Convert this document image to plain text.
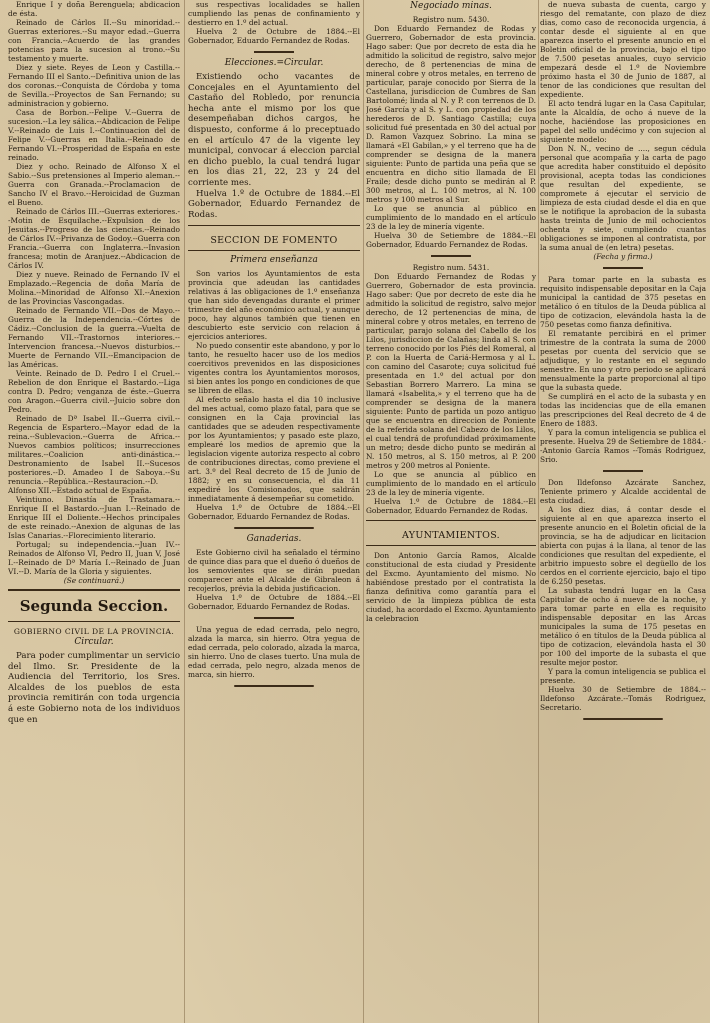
Enrique I y doña Berenguela; abdicacion de ésta.

Reinado de Cárlos II.--Su minoridad.--Guerras exteriores.--Su mayor edad.--Guerra con Francia.--Acuerdo de las grandes potencias para la sucesion al trono.--Su testamento y muerte.

Diez y siete. Reyes de Leon y Castilla.--Fernando III el Santo.--Definitiva union de las dos coronas.--Conquista de Córdoba y toma de Sevilla.--Proyectos de San Fernando; su administracion y gobierno.

Casa de Borbon.--Felipe V.--Guerra de sucesion.--La ley sálica.--Abdicacion de Felipe V.--Reinado de Luis I.--Continuacion del de Felipe V.--Guerras en Italia.--Reinado de Fernando VI.--Prosperidad de España en este reinado.

Diez y ocho. Reinado de Alfonso X el Sabio.--Sus pretensiones al Imperio aleman.--Guerra con Granada.--Proclamacion de Sancho IV el Bravo.--Heroicidad de Guzman el Bueno.

Reinado de Cárlos III.--Guerras exteriores.--Motin de Esquilache.--Expulsion de los Jesuitas.--Progreso de las ciencias.--Reinado de Cárlos IV.--Privanza de Godoy.--Guerra con Francia.--Guerra con Inglaterra.--Invasion francesa; motin de Aranjuez.--Abdicacion de Cárlos IV.

Diez y nueve. Reinado de Fernando IV el Emplazado.--Regencia de doña María de Molina.--Minoridad de Alfonso XI.--Anexion de las Provincias Vascongadas.

Reinado de Fernando VII.--Dos de Mayo.--Guerra de la Independencia.--Córtes de Cádiz.--Conclusion de la guerra.--Vuelta de Fernando VII.--Trastornos interiores.--Intervencion francesa.--Nuevos disturbios.--Muerte de Fernando VII.--Emancipacion de las Américas.

Veinte. Reinado de D. Pedro I el Cruel.--Rebelion de don Enrique el Bastardo.--Liga contra D. Pedro; venganza de éste.--Guerra con Aragon.--Guerra civil.--Juicio sobre don Pedro.

Reinado de Dª Isabel II.--Guerra civil.--Regencia de Espartero.--Mayor edad de la reina.--Sublevacion.--Guerra de Africa.--Nuevos cambios políticos; insurrecciones militares.--Coalicion anti-dinástica.--Destronamiento de Isabel II.--Sucesos posteriores.--D. Amadeo I de Saboya.--Su renuncia.--República.--Restauracion.--D. Alfonso XII.--Estado actual de España.

Veintiuno. Dinastía de Trastamara.--Enrique II el Bastardo.--Juan I.--Reinado de Enrique III el Doliente.--Hechos principales de este reinado.--Anexion de algunas de las Islas Canarias.--Florecimiento literario.

Portugal; su independencia.--Juan IV.--Reinados de Alfonso VI, Pedro II, Juan V, José I.--Reinado de Dª María I.--Reinado de Juan VI.--D. María de la Gloria y siguientes.

(Se continuará.)

Segunda Seccion.
GOBIERNO CIVIL DE LA PROVINCIA.
Circular.

Para poder cumplimentar un servicio del Ilmo. Sr. Presidente de la Audiencia del Territorio, los Sres. Alcaldes de los pueblos de esta provincia remitirán con toda urgencia á este Gobierno nota de los individuos que en

sus respectivas localidades se hallen cumpliendo las penas de confinamiento y destierro en 1.º del actual.

Huelva 2 de Octubre de 1884.--El Gobernador, Eduardo Fernandez de Rodas.

Elecciones.=Circular.

Existiendo ocho vacantes de Concejales en el Ayuntamiento del Castaño del Robledo, por renuncia hecha ante el mismo por los que desempeñaban dichos cargos, he dispuesto, conforme á lo preceptuado en el artículo 47 de la vigente ley municipal, convocar á eleccion parcial en dicho pueblo, la cual tendrá lugar en los dias 21, 22, 23 y 24 del corriente mes.

Huelva 1.º de Octubre de 1884.--El Gobernador, Eduardo Fernandez de Rodas.

SECCION DE FOMENTO
Primera enseñanza

Son varios los Ayuntamientos de esta provincia que adeudan las cantidades relativas á las obligaciones de 1.º enseñanza que han sido devengadas durante el primer trimestre del año económico actual, y aunque poco, hay algunos también que tienen en descubierto este servicio con relacion á ejercicios anteriores.

No puedo consentir este abandono, y por lo tanto, he resuelto hacer uso de los medios coercitivos prevenidos en las disposiciones vigentes contra los Ayuntamientos morosos, si bien antes los pongo en condiciones de que se libren de ellas.

Al efecto señalo hasta el dia 10 inclusive del mes actual, como plazo fatal, para que se consignen en la Caja provincial las cantidades que se adeuden respectivamente por los Ayuntamientos; y pasado este plazo, emplearé los medios de apremio que la legislacion vigente autoriza respecto al cobro de contribuciones directas, como previene el art. 3.º del Real decreto de 15 de Junio de 1882; y en su consecuencia, el dia 11 expediré los Comisionados, que saldrán inmediatamente á desempeñar su cometido.

Huelva 1.º de Octubre de 1884.--El Gobernador, Eduardo Fernandez de Rodas.

Ganaderias.

Este Gobierno civil ha señalado el término de quince dias para que el dueño ó dueños de los semovientes que se dirán puedan comparecer ante el Alcalde de Gibraleon á recojerlos, prévia la debida justificacion.

Huelva 1.º de Octubre de 1884.--El Gobernador, Eduardo Fernandez de Rodas.

Una yegua de edad cerrada, pelo negro, alzada la marca, sin hierro. Otra yegua de edad cerrada, pelo colorado, alzada la marca, sin hierro. Uno de clases tuerto. Una mula de edad cerrada, pelo negro, alzada menos de marca, sin hierro.

Negociado minas.

Registro num. 5430.

Don Eduardo Fernandez de Rodas y Guerrero, Gobernador de esta provincia. Hago saber: Que por decreto de esta dia he admitido la solicitud de registro, salvo mejor derecho, de 8 pertenencias de mina de mineral cobre y otros metales, en terreno de particular, paraje conocido por Sierra de la Castellana, jurisdiccion de Cumbres de San Bartolomé; linda al N. y P. con terrenos de D. José García y al S. y L. con propiedad de los herederos de D. Santiago Castilla; cuya solicitud fué presentada en 30 del actual por D. Ramon Vazquez Sobrino. La mina se llamará «El Gabilan,» y el terreno que ha de comprender se designa de la manera siguiente: Punto de partida una peña que se encuentra en dicho sitio llamada de El Fraile; desde dicho punto se medirán al P. 300 metros, al L. 100 metros, al N. 100 metros y 100 metros al Sur.

Lo que se anuncia al público en cumplimiento de lo mandado en el artículo 23 de la ley de minería vigente.

Huelva 30 de Setiembre de 1884.--El Gobernador, Eduardo Fernandez de Rodas.

Registro num. 5431.

Don Eduardo Fernandez de Rodas y Guerrero, Gobernador de esta provincia. Hago saber: Que por decreto de este dia he admitido la solicitud de registro, salvo mejor derecho, de 12 pertenencias de mina, de mineral cobre y otros metales, en terreno de particular, parajo solana del Cabello de los Lilos, jurisdiccion de Calañas; linda al S. con terreno conocido por los Piés del Romeral, al P. con la Huerta de Cariá-Hermosa y al L. con camino del Casarote; cuya solicitud fué presentada en 1.º del actual por don Sebastian Borrero Marrero. La mina se llamará «Isabelita,» y el terreno que ha de comprender se designa de la manera siguiente: Punto de partida un pozo antiguo que se encuentra en direccion de Poniente de la referida solana del Cabezo de los Lilos, el cual tendrá de profundidad próximamente un metro; desde dicho punto se medirán al N. 150 metros, al S. 150 metros, al P. 200 metros y 200 metros al Poniente.

Lo que se anuncia al público en cumplimiento de lo mandado en el artículo 23 de la ley de minería vigente.

Huelva 1.º de Octubre de 1884.--El Gobernador, Eduardo Fernandez de Rodas.

AYUNTAMIENTOS.

Don Antonio García Ramos, Alcalde constitucional de esta ciudad y Presidente del Excmo. Ayuntamiento del mismo. No habiéndose prestado por el contratista la fianza definitiva como garantía para el servicio de la limpieza pública de esta ciudad, ha acordado el Excmo. Ayuntamiento la celebracion

de nueva subasta de cuenta, cargo y riesgo del rematante, con plazo de diez dias, como caso de reconocida urgencia, á contar desde el siguiente al en que aparezca inserto el presente anuncio en el Boletin oficial de la provincia, bajo el tipo de 7.500 pesetas anuales, cuyo servicio empezará desde el 1.º de Noviembre próximo hasta el 30 de Junio de 1887, al tenor de las condiciones que resultan del expediente.

El acto tendrá lugar en la Casa Capitular, ante la Alcaldía, de ocho á nueve de la noche, haciéndose las proposiciones en papel del sello undécimo y con sujecion al siguiente modelo:

Don N. N., vecino de ...., segun cédula personal que acompaña y la carta de pago que acredita haber constituido el depósito provisional, acepta todas las condiciones que resultan del expediente, se compromete á ejecutar el servicio de limpieza de esta ciudad desde el dia en que se le notifique la aprobacion de la subasta hasta treinta de Junio de mil ochocientos ochenta y siete, cumpliendo cuantas obligaciones se imponen al contratista, por la suma anual de (en letra) pesetas.

(Fecha y firma.)

Para tomar parte en la subasta es requisito indispensable depositar en la Caja municipal la cantidad de 375 pesetas en metálico ó en títulos de la Deuda pública al tipo de cotizacion, elevándola hasta la de 750 pesetas como fianza definitiva.

El rematante percibirá en el primer trimestre de la contrata la suma de 2000 pesetas por cuenta del servicio que se adjudique, y lo restante en el segundo semestre. En uno y otro periodo se aplicará mensualmente la parte proporcional al tipo que la subasta quede.

Se cumplirá en el acto de la subasta y en todas las incidencias que de ella emanen las prescripciones del Real decreto de 4 de Enero de 1883.

Y para la comun inteligencia se publica el presente. Huelva 29 de Setiembre de 1884.--Antonio García Ramos --Tomás Rodriguez, Srio.

Don Ildefonso Azcárate Sanchez, Teniente primero y Alcalde accidental de esta ciudad.

A los diez dias, á contar desde el siguiente al en que aparezca inserto el presente anuncio en el Boletin oficial de la provincia, se ha de adjudicar en licitacion abierta con pujas á la llana, al tenor de las condiciones que resultan del expediente, el arbitrio impuesto sobre el degüello de los cerdos en el corriente ejercicio, bajo el tipo de 6.250 pesetas.

La subasta tendrá lugar en la Casa Capitular de ocho á nueve de la noche, y para tomar parte en ella es requisito indispensable depositar en las Arcas municipales la suma de 175 pesetas en metálico ó en títulos de la Deuda pública al tipo de cotizacion, elevándola hasta el 30 por 100 del importe de la subasta el que resulte mejor postor.

Y para la comun inteligencia se publica el presente.

Huelva 30 de Setiembre de 1884.--Ildefonso Azcárate.--Tomás Rodriguez, Secretario.
